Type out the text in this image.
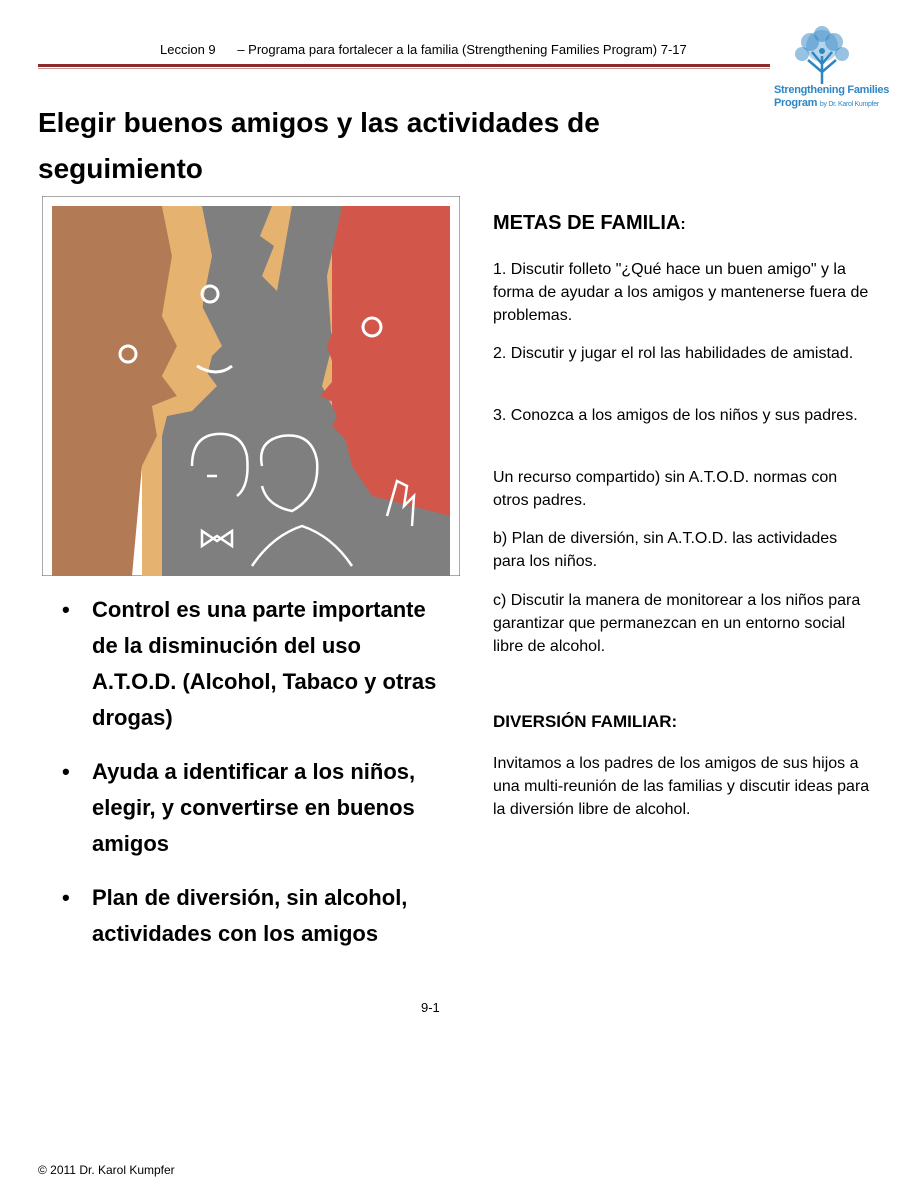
Leccion 9      – Programa para fortalecer a la familia (Strengthening Families Program) 7-17
Strengthening Families
Program by Dr. Karol Kumpfer
Elegir buenos amigos y las actividades de seguimiento
• Control es una parte importante de la disminución del uso A.T.O.D. (Alcohol, Tabaco y otras drogas)
• Ayuda a identificar a los niños, elegir, y convertirse en buenos amigos
• Plan de diversión, sin alcohol, actividades con los amigos
9-1
METAS DE FAMILIA:
1. Discutir folleto "¿Qué hace un buen amigo" y la forma de ayudar a los amigos y mantenerse fuera de problemas.
2. Discutir y jugar el rol las habilidades de amistad.
3. Conozca a los amigos de los niños y sus padres.
Un recurso compartido) sin A.T.O.D. normas con otros padres.
b) Plan de diversión, sin A.T.O.D. las actividades para los niños.
c) Discutir la manera de monitorear a los niños para garantizar que permanezcan en un entorno social libre de alcohol.
DIVERSIÓN FAMILIAR:
Invitamos a los padres de los amigos de sus hijos a una multi-reunión de las familias y discutir ideas para la diversión libre de alcohol.
© 2011 Dr. Karol Kumpfer
